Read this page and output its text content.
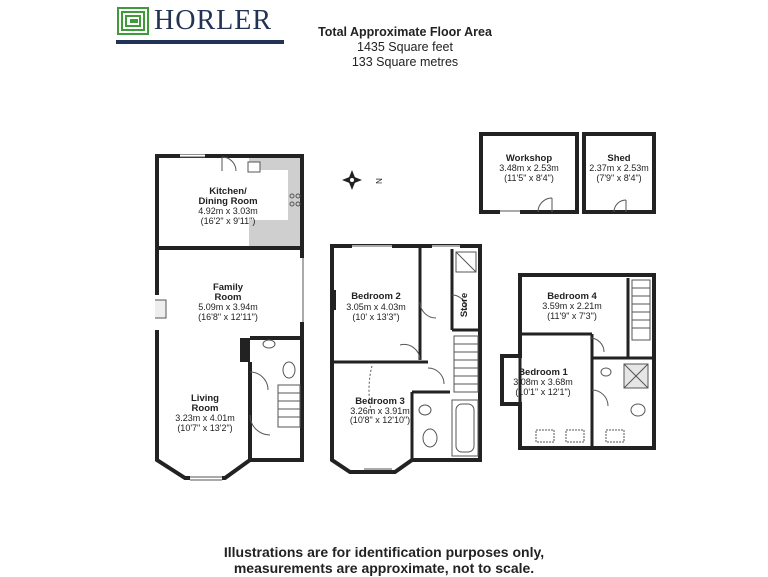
HORLER	Total Approximate Floor Area
1435 Square feet
133 Square metres
Kitchen/
Dining Room
4.92m x 3.03m
(16'2" x 9'11")
Family
Room
5.09m x 3.94m
(16'8" x 12'11")
Living
Room
3.23m x 4.01m
(10'7" x 13'2")
N
Bedroom 2
3.05m x 4.03m
(10' x 13'3")
Bedroom 3
3.26m x 3.91m
(10'8" x 12'10")
Store
Workshop
3.48m x 2.53m
(11'5" x 8'4")
Shed
2.37m x 2.53m
(7'9" x 8'4")
Bedroom 4
3.59m x 2.21m
(11'9" x 7'3")
Bedroom 1
3.08m x 3.68m
(10'1" x 12'1")
Illustrations are for identification purposes only,
measurements are approximate, not to scale.
